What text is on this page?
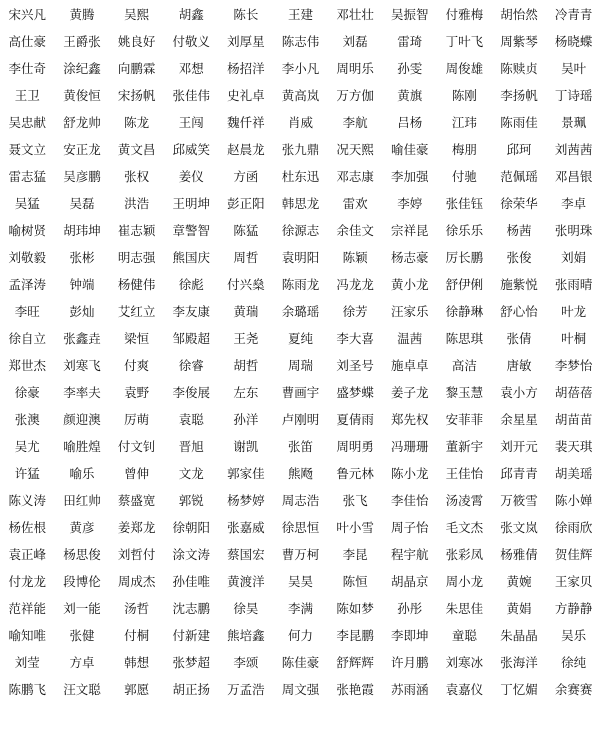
宋兴凡	黄腾	吴熙	胡鑫	陈长	王建	邓壮壮	吴振智	付雅梅	胡怡然	冷青青
高仕豪	王爵张	姚良好	付敬义	刘厚星	陈志伟	刘磊	雷琦	丁叶飞	周紫琴	杨晓蝶
李仕奇	涂纪鑫	向鹏霖	邓想	杨招洋	李小凡	周明乐	孙雯	周俊雄	陈赎贞	吴叶
王卫	黄俊恒	宋扬帆	张佳伟	史礼卓	黄高岚	万方伽	黄旗	陈刚	李扬帆	丁诗瑶
吴忠献	舒龙帅	陈龙	王闯	魏仟祥	肖威	李航	吕杨	江玮	陈雨佳	景珮
聂文立	安正龙	黄文昌	邱威笑	赵晨龙	张九鼎	况天熙	喻佳豪	梅朋	邱珂	刘茜茜
雷志猛	吴彦鹏	张权	姜仪	方函	杜东迅	邓志康	李加强	付驰	范佩瑶	邓昌银
吴猛	吴磊	洪浩	王明坤	彭正阳	韩思龙	雷欢	李婷	张佳钰	徐荣华	李卓
喻树贤	胡玮坤	崔志颖	章警智	陈猛	徐源志	余佳文	宗祥昆	徐乐乐	杨茜	张明珠
刘敬毅	张彬	明志强	熊国庆	周哲	袁明阳	陈颖	杨志豪	厉长鹏	张俊	刘娟
孟泽涛	钟端	杨健伟	徐彪	付兴燊	陈雨龙	冯龙龙	黄小龙	舒伊俐	施紫悦	张雨晴
李旺	彭灿	艾红立	李友康	黄瑞	余璐瑶	徐芳	汪家乐	徐静琳	舒心怡	叶龙
徐自立	张鑫垚	梁恒	邹殿超	王尧	夏纯	李大喜	温茜	陈思琪	张倩	叶桐
郑世杰	刘寒飞	付爽	徐睿	胡哲	周瑞	刘圣号	施卓卓	高洁	唐敏	李梦怡
徐豪	李率夫	袁野	李俊展	左东	曹画宇	盛梦蝶	姜子龙	黎玉慧	袁小方	胡蓓蓓
张澳	颜迎澳	厉萌	袁聪	孙洋	卢刚明	夏倩雨	郑先权	安菲菲	余星星	胡苗苗
吴尤	喻胜煌	付文钊	晋旭	谢凯	张笛	周明勇	冯珊珊	董新宇	刘开元	裴天琪
许猛	喻乐	曾伸	文龙	郭家佳	熊飏	鲁元林	陈小龙	王佳怡	邱青青	胡美瑶
陈义涛	田红帅	蔡盛宽	郭锐	杨梦婷	周志浩	张飞	李佳怡	汤凌霄	万筱雪	陈小婵
杨佐根	黄彦	姜郑龙	徐朝阳	张嘉威	徐思恒	叶小雪	周子怡	毛文杰	张文岚	徐雨欣
袁正峰	杨思俊	刘哲付	涂文涛	蔡国宏	曹万柯	李昆	程宇航	张彩凤	杨雅倩	贺佳辉
付龙龙	段博伦	周成杰	孙佳唯	黄渡洋	吴昊	陈恒	胡晶京	周小龙	黄婉	王家贝
范祥能	刘一能	汤哲	沈志鹏	徐昊	李满	陈如梦	孙彤	朱思佳	黄娟	方静静
喻知唯	张健	付桐	付新建	熊培鑫	何力	李昆鹏	李即坤	童聪	朱晶晶	吴乐
刘莹	方卓	韩想	张梦超	李颂	陈佳豪	舒辉辉	许月鹏	刘寒冰	张海洋	徐纯
陈鹏飞	汪文聪	郭愿	胡正扬	万孟浩	周文强	张艳霞	苏雨涵	袁嘉仪	丁忆媚	余赛赛
